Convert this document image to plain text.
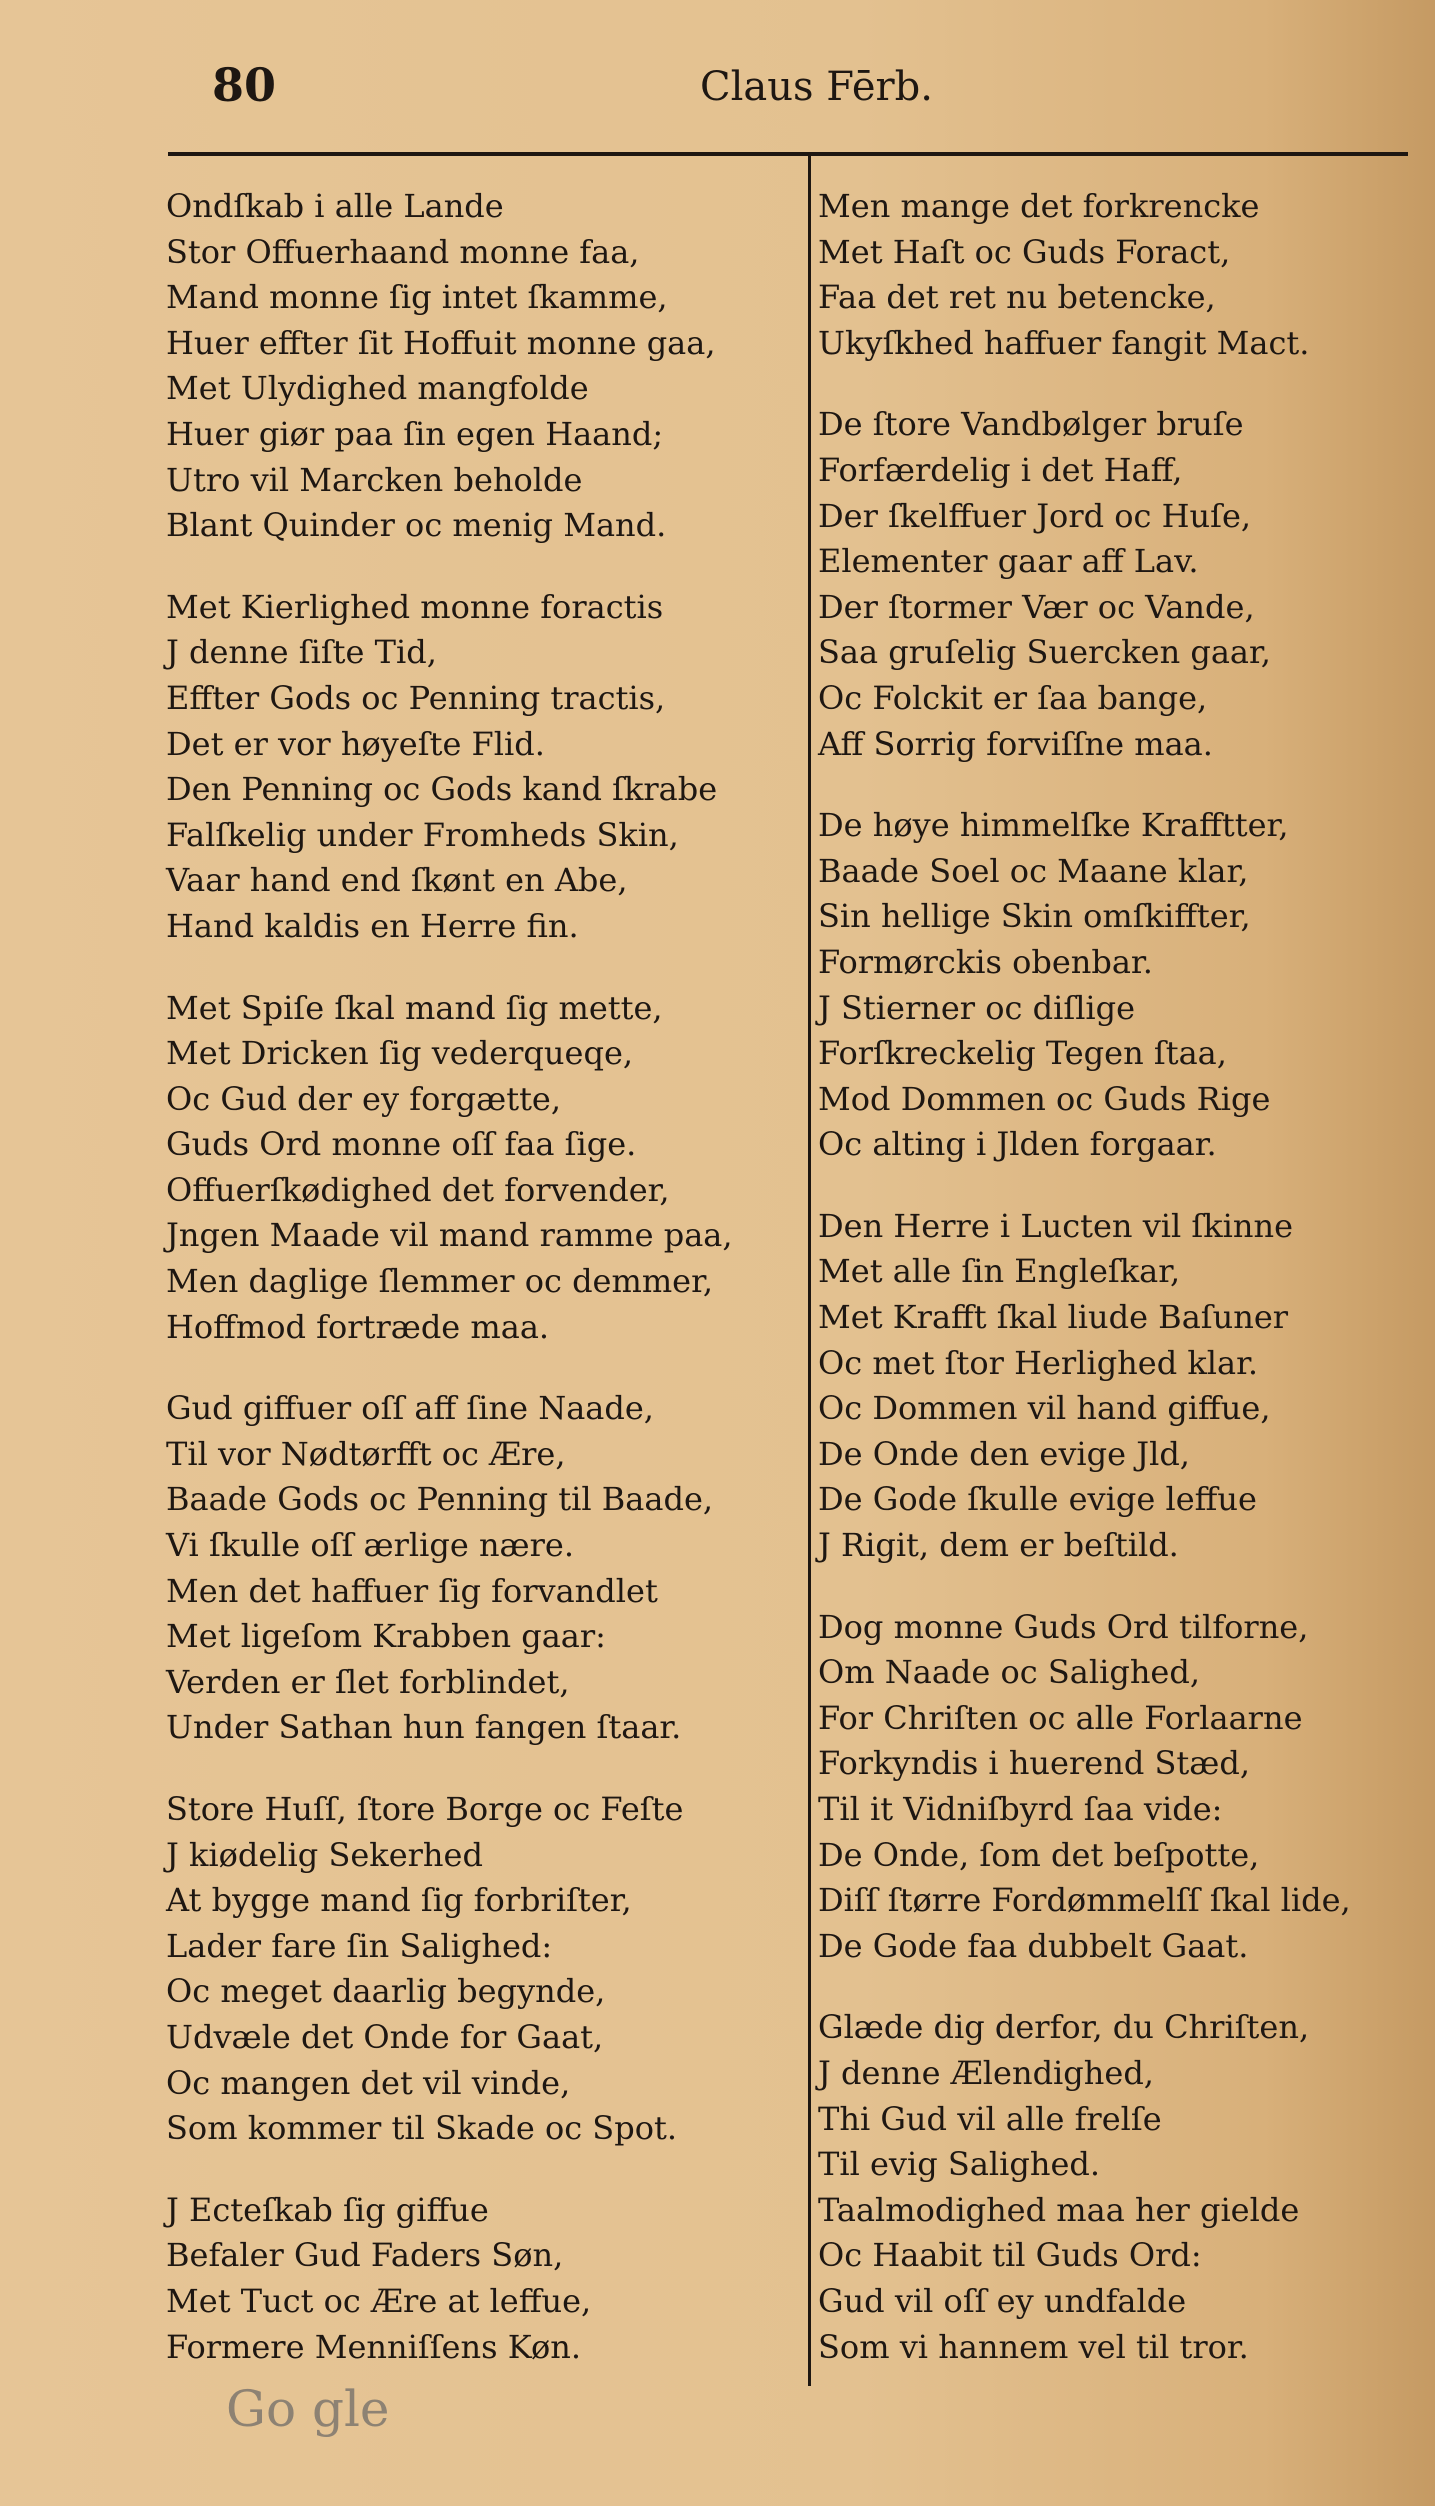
80	Claus Fērb.
Ondſkab i alle Lande
Stor Offuerhaand monne faa,
Mand monne ſig intet ſkamme,
Huer effter ſit Hoffuit monne gaa,
Met Ulydighed mangfolde
Huer giør paa ſin egen Haand;
Utro vil Marcken beholde
Blant Quinder oc menig Mand.
Met Kierlighed monne foractis
J denne ſiſte Tid,
Effter Gods oc Penning tractis,
Det er vor høyeſte Flid.
Den Penning oc Gods kand ſkrabe
Falſkelig under Fromheds Skin,
Vaar hand end ſkønt en Abe,
Hand kaldis en Herre fin.
Met Spiſe ſkal mand ſig mette,
Met Dricken ſig vederqueqe,
Oc Gud der ey forgætte,
Guds Ord monne oſſ faa ſige.
Offuerſkødighed det forvender,
Jngen Maade vil mand ramme paa,
Men daglige ſlemmer oc demmer,
Hoffmod fortræde maa.
Gud giffuer oſſ aff ſine Naade,
Til vor Nødtørfft oc Ære,
Baade Gods oc Penning til Baade,
Vi ſkulle oſſ ærlige nære.
Men det haffuer ſig forvandlet
Met ligeſom Krabben gaar:
Verden er ſlet forblindet,
Under Sathan hun fangen ſtaar.
Store Huſſ, ſtore Borge oc Feſte
J kiødelig Sekerhed
At bygge mand ſig forbriſter,
Lader fare ſin Salighed:
Oc meget daarlig begynde,
Udvæle det Onde for Gaat,
Oc mangen det vil vinde,
Som kommer til Skade oc Spot.
J Ecteſkab ſig giffue
Befaler Gud Faders Søn,
Met Tuct oc Ære at leffue,
Formere Menniſſens Køn.
Men mange det forkrencke
Met Haſt oc Guds Foract,
Faa det ret nu betencke,
Ukyſkhed haffuer fangit Mact.
De ſtore Vandbølger bruſe
Forfærdelig i det Haff,
Der ſkelffuer Jord oc Huſe,
Elementer gaar aff Lav.
Der ſtormer Vær oc Vande,
Saa gruſelig Suercken gaar,
Oc Folckit er ſaa bange,
Aff Sorrig forviſſne maa.
De høye himmelſke Krafftter,
Baade Soel oc Maane klar,
Sin hellige Skin omſkiffter,
Formørckis obenbar.
J Stierner oc diſlige
Forſkreckelig Tegen ſtaa,
Mod Dommen oc Guds Rige
Oc alting i Jlden forgaar.
Den Herre i Lucten vil ſkinne
Met alle ſin Engleſkar,
Met Krafft ſkal liude Baſuner
Oc met ſtor Herlighed klar.
Oc Dommen vil hand giffue,
De Onde den evige Jld,
De Gode ſkulle evige leffue
J Rigit, dem er beſtild.
Dog monne Guds Ord tilforne,
Om Naade oc Salighed,
For Chriſten oc alle Forlaarne
Forkyndis i huerend Stæd,
Til it Vidniſbyrd ſaa vide:
De Onde, ſom det beſpotte,
Diſſ ſtørre Fordømmelſſ ſkal lide,
De Gode faa dubbelt Gaat.
Glæde dig derfor, du Chriſten,
J denne Ælendighed,
Thi Gud vil alle frelſe
Til evig Salighed.
Taalmodighed maa her gielde
Oc Haabit til Guds Ord:
Gud vil oſſ ey undfalde
Som vi hannem vel til tror.
Go gle
